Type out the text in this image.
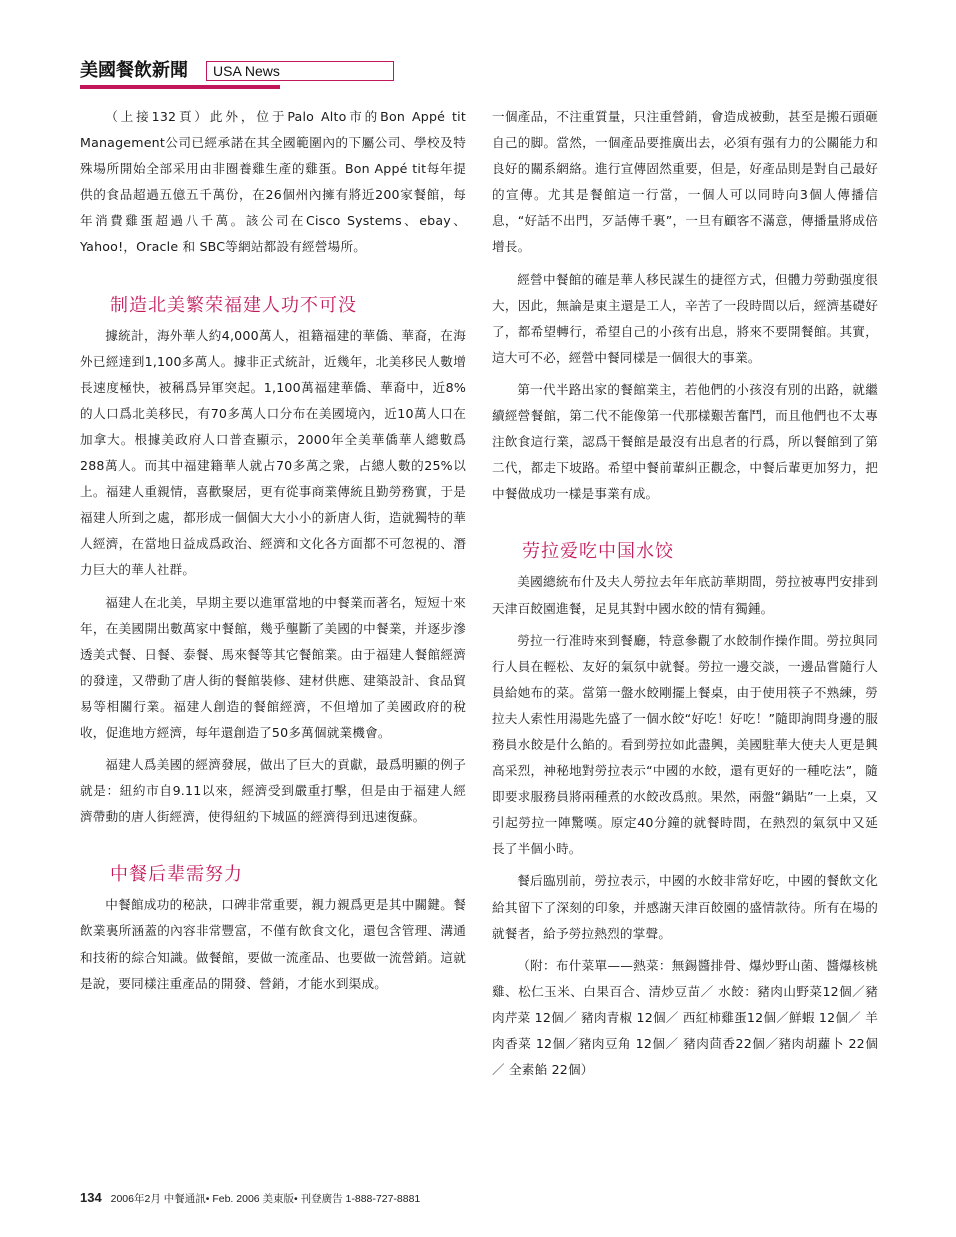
美國餐飲新聞	USA News

（上接132頁）此外，位于Palo Alto市的Bon Appé tit Management公司已經承諾在其全國範圍內的下屬公司、學校及特殊場所開始全部采用由非圈養雞生產的雞蛋。Bon Appé tit每年提供的食品超過五億五千萬份，在26個州內擁有將近200家餐館，每年消費雞蛋超過八千萬。該公司在Cisco Systems、ebay、Yahoo!，Oracle 和 SBC等網站都設有經營場所。

制造北美繁荣福建人功不可没

據統計，海外華人約4,000萬人，祖籍福建的華僑、華裔，在海外已經達到1,100多萬人。據非正式統計，近幾年，北美移民人數增長速度極快，被稱爲异軍突起。1,100萬福建華僑、華裔中，近8%的人口爲北美移民，有70多萬人口分布在美國境內，近10萬人口在加拿大。根據美政府人口普查顯示，2000年全美華僑華人總數爲288萬人。而其中福建籍華人就占70多萬之衆，占總人數的25%以上。福建人重親情，喜歡聚居，更有從事商業傳統且勤勞務實，于是福建人所到之處，都形成一個個大大小小的新唐人街，造就獨特的華人經濟，在當地日益成爲政治、經濟和文化各方面都不可忽視的、潛力巨大的華人社群。

福建人在北美，早期主要以進軍當地的中餐業而著名，短短十來年，在美國開出數萬家中餐館，幾乎壟斷了美國的中餐業，并逐步滲透美式餐、日餐、泰餐、馬來餐等其它餐館業。由于福建人餐館經濟的發達，又帶動了唐人街的餐館裝修、建材供應、建築設計、食品貿易等相關行業。福建人創造的餐館經濟，不但增加了美國政府的稅收，促進地方經濟，每年還創造了50多萬個就業機會。

福建人爲美國的經濟發展，做出了巨大的貢獻，最爲明顯的例子就是：紐約市自9.11以來，經濟受到嚴重打擊，但是由于福建人經濟帶動的唐人街經濟，使得紐約下城區的經濟得到迅速復蘇。

中餐后辈需努力

中餐館成功的秘訣，口碑非常重要，親力親爲更是其中關鍵。餐飲業裏所涵蓋的內容非常豐富，不僅有飲食文化，還包含管理、溝通和技術的綜合知識。做餐館，要做一流產品、也要做一流營銷。這就是說，要同樣注重產品的開發、營銷，才能水到渠成。

一個產品，不注重質量，只注重營銷，會造成被動，甚至是搬石頭砸自己的脚。當然，一個產品要推廣出去，必須有强有力的公關能力和良好的關系網絡。進行宣傳固然重要，但是，好產品則是對自己最好的宣傳。尤其是餐館這一行當，一個人可以同時向3個人傳播信息，“好話不出門，歹話傳千裏”，一旦有顧客不滿意，傳播量將成倍增長。

經營中餐館的確是華人移民謀生的捷徑方式，但體力勞動强度很大，因此，無論是東主還是工人，辛苦了一段時間以后，經濟基礎好了，都希望轉行，希望自己的小孩有出息，將來不要開餐館。其實，這大可不必，經營中餐同樣是一個很大的事業。

第一代半路出家的餐館業主，若他們的小孩沒有別的出路，就繼續經營餐館，第二代不能像第一代那樣艱苦奮鬥，而且他們也不太專注飲食這行業，認爲干餐館是最沒有出息者的行爲，所以餐館到了第二代，都走下坡路。希望中餐前輩糾正觀念，中餐后輩更加努力，把中餐做成功一樣是事業有成。

劳拉爱吃中国水饺

美國總統布什及夫人勞拉去年年底訪華期間，勞拉被專門安排到天津百餃園進餐，足見其對中國水餃的情有獨鍾。

勞拉一行准時來到餐廳，特意參觀了水餃制作操作間。勞拉與同行人員在輕松、友好的氣氛中就餐。勞拉一邊交談，一邊品嘗隨行人員給她布的菜。當第一盤水餃剛擺上餐桌，由于使用筷子不熟練，勞拉夫人索性用湯匙先盛了一個水餃“好吃！好吃！”隨即詢問身邊的服務員水餃是什么餡的。看到勞拉如此盡興，美國駐華大使夫人更是興高采烈，神秘地對勞拉表示“中國的水餃，還有更好的一種吃法”，隨即要求服務員將兩種煮的水餃改爲煎。果然，兩盤“鍋貼”一上桌，又引起勞拉一陣驚嘆。原定40分鐘的就餐時間，在熱烈的氣氛中又延長了半個小時。

餐后臨別前，勞拉表示，中國的水餃非常好吃，中國的餐飲文化給其留下了深刻的印象，并感謝天津百餃園的盛情款待。所有在場的就餐者，給予勞拉熱烈的掌聲。

（附：布什菜單——熱菜：無錫醬排骨、爆炒野山菌、醬爆核桃雞、松仁玉米、白果百合、清炒豆苗／ 水餃：豬肉山野菜12個／豬肉芹菜 12個／ 豬肉青椒 12個／ 西紅柿雞蛋12個／鮮蝦 12個／ 羊肉香菜 12個／豬肉豆角 12個／ 豬肉茴香22個／豬肉胡蘿卜 22個／ 全素餡 22個）

134 2006年2月 中餐通訊• Feb. 2006 美東版• 刊登廣告 1-888-727-8881
